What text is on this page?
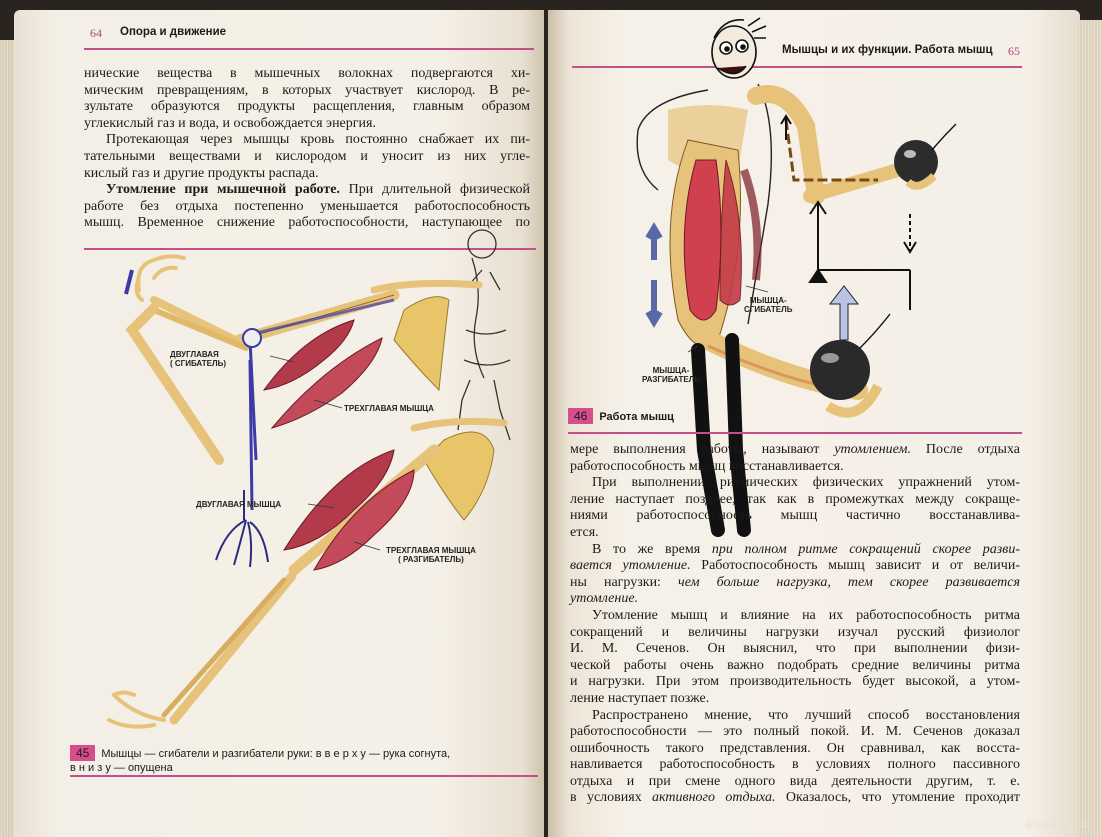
64 Опора и движение
нические вещества в мышечных волокнах подвергаются хи-
мическим превращениям, в которых участвует кислород. В ре-
зультате образуются продукты расщепления, главным образом
углекислый газ и вода, и освобождается энергия.
Протекающая через мышцы кровь постоянно снабжает их пи-
тательными веществами и кислородом и уносит из них угле-
кислый газ и другие продукты распада.
Утомление при мышечной работе. При длительной физической
работе без отдыха постепенно уменьшается работоспособность
мышц. Временное снижение работоспособности, наступающее по
ДВУГЛАВАЯ
( СГИБАТЕЛЬ)
ТРЕХГЛАВАЯ МЫШЦА
ДВУГЛАВАЯ МЫШЦА
ТРЕХГЛАВАЯ МЫШЦА
( РАЗГИБАТЕЛЬ)
45 Мышцы — сгибатели и разгибатели руки: в в е р х у — рука согнута,
в н и з у — опущена
Мышцы и их функции. Работа мышц 65
МЫШЦА-
СГИБАТЕЛЬ
МЫШЦА-
РАЗГИБАТЕЛЬ
46 Работа мышц
мере выполнения работы, называют утомлением. После отдыха
работоспособность мышц восстанавливается.
При выполнении ритмических физических упражнений утом-
ление наступает позднее, так как в промежутках между сокраще-
ниями работоспособность мышц частично восстанавлива-
ется.
В то же время при полном ритме сокращений скорее разви-
вается утомление. Работоспособность мышц зависит и от величи-
ны нагрузки: чем больше нагрузка, тем скорее развивается
утомление.
Утомление мышц и влияние на их работоспособность ритма
сокращений и величины нагрузки изучал русский физиолог
И. М. Сеченов. Он выяснил, что при выполнении физи-
ческой работы очень важно подобрать средние величины ритма
и нагрузки. При этом производительность будет высокой, а утом-
ление наступает позже.
Распространено мнение, что лучший способ восстановления
работоспособности — это полный покой. И. М. Сеченов доказал
ошибочность такого представления. Он сравнивал, как восста-
навливается работоспособность в условиях полного пассивного
отдыха и при смене одного вида деятельности другим, т. е.
в условиях активного отдыха. Оказалось, что утомление проходит
BUGAGA.RU
